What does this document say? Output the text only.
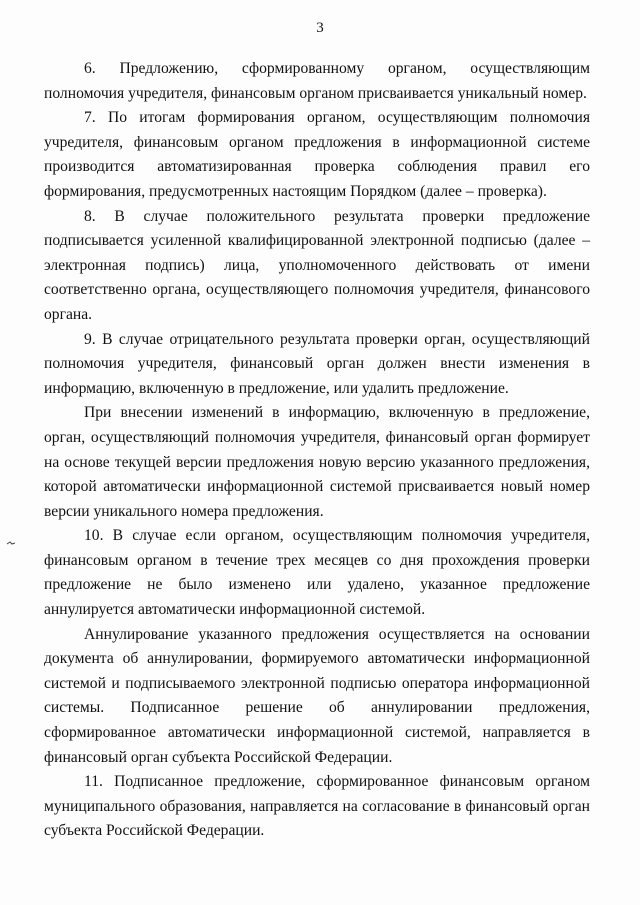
3

6. Предложению, сформированному органом, осуществляющим полномочия учредителя, финансовым органом присваивается уникальный номер.

7. По итогам формирования органом, осуществляющим полномочия учредителя, финансовым органом предложения в информационной системе производится автоматизированная проверка соблюдения правил его формирования, предусмотренных настоящим Порядком (далее – проверка).

8. В случае положительного результата проверки предложение подписывается усиленной квалифицированной электронной подписью (далее – электронная подпись) лица, уполномоченного действовать от имени соответственно органа, осуществляющего полномочия учредителя, финансового органа.

9. В случае отрицательного результата проверки орган, осуществляющий полномочия учредителя, финансовый орган должен внести изменения в информацию, включенную в предложение, или удалить предложение.

При внесении изменений в информацию, включенную в предложение, орган, осуществляющий полномочия учредителя, финансовый орган формирует на основе текущей версии предложения новую версию указанного предложения, которой автоматически информационной системой присваивается новый номер версии уникального номера предложения.

10. В случае если органом, осуществляющим полномочия учредителя, финансовым органом в течение трех месяцев со дня прохождения проверки предложение не было изменено или удалено, указанное предложение аннулируется автоматически информационной системой.

Аннулирование указанного предложения осуществляется на основании документа об аннулировании, формируемого автоматически информационной системой и подписываемого электронной подписью оператора информационной системы. Подписанное решение об аннулировании предложения, сформированное автоматически информационной системой, направляется в финансовый орган субъекта Российской Федерации.

11. Подписанное предложение, сформированное финансовым органом муниципального образования, направляется на согласование в финансовый орган субъекта Российской Федерации.
